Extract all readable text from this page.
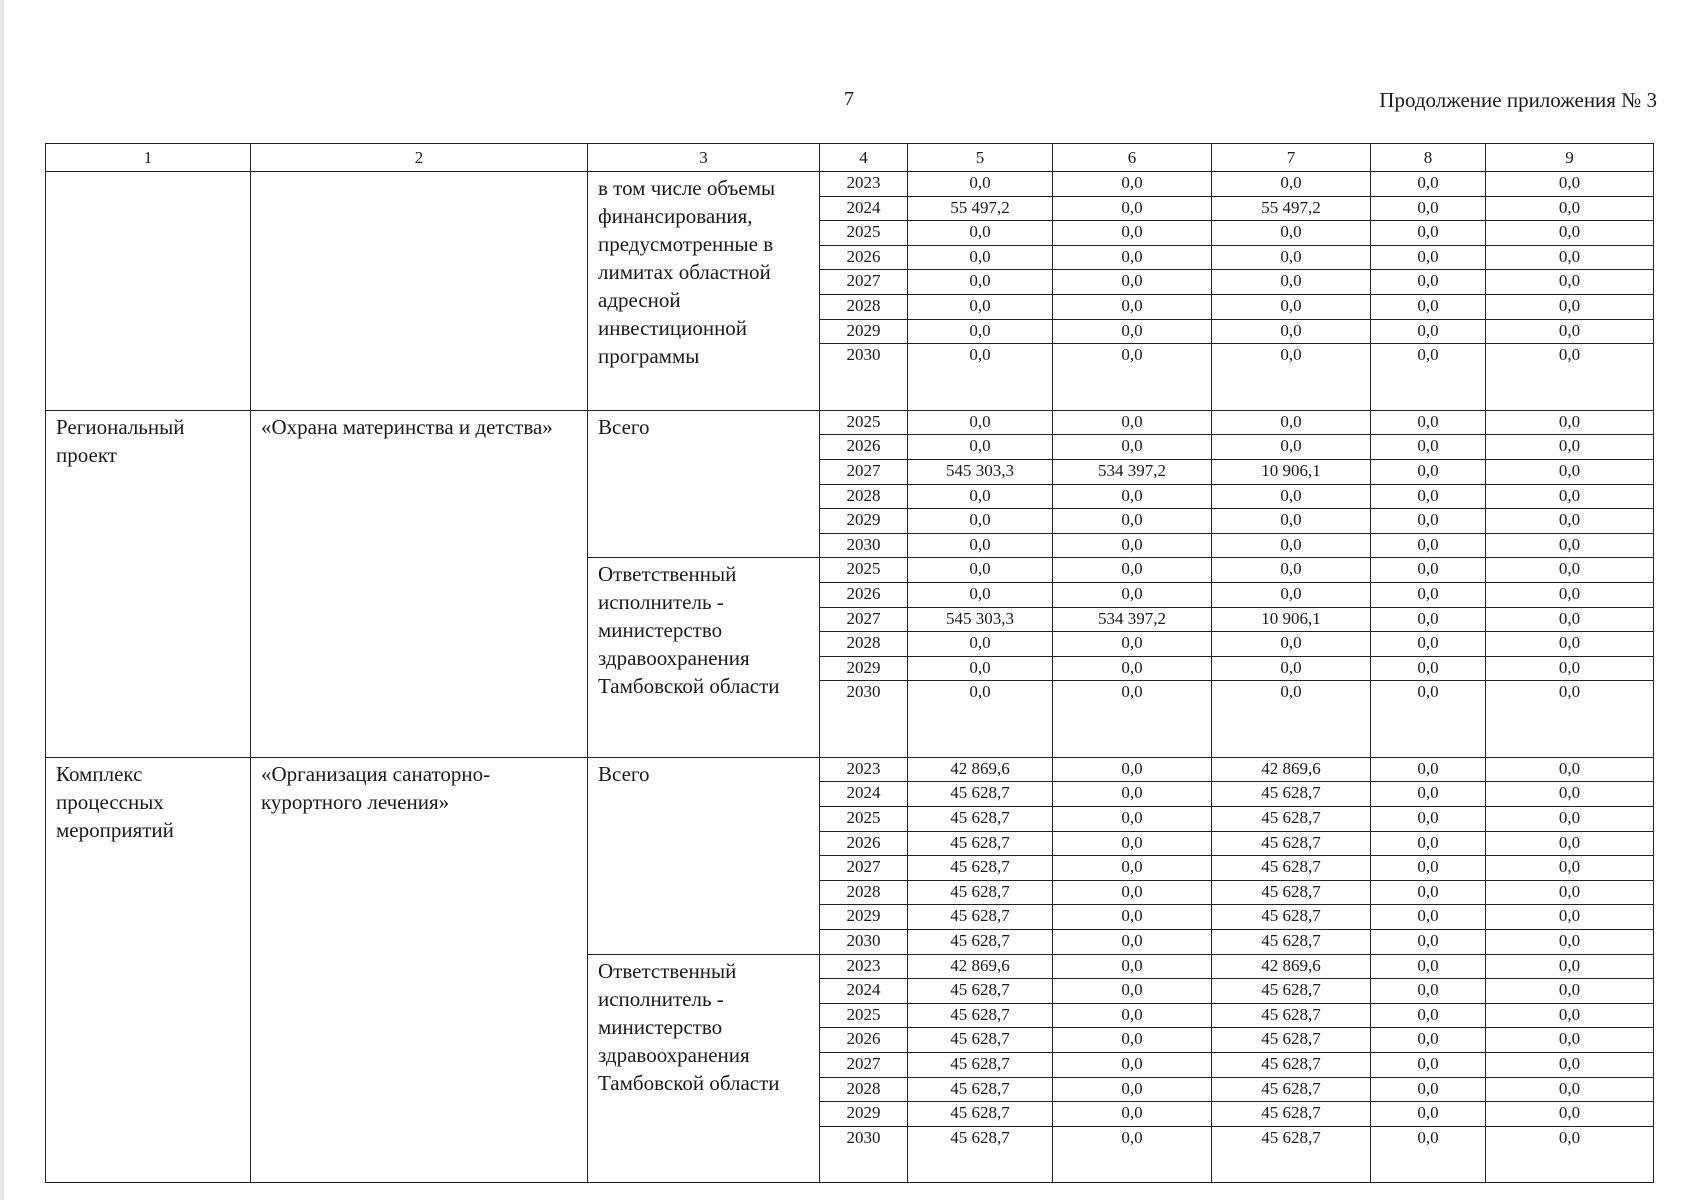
7	Продолжение приложения № 3
1	2	3	4	5	6	7	8	9
		в том числе объемы финансирования, предусмотренные в лимитах областной адресной инвестиционной программы	2023	0,0	0,0	0,0	0,0	0,0
			2024	55 497,2	0,0	55 497,2	0,0	0,0
			2025	0,0	0,0	0,0	0,0	0,0
			2026	0,0	0,0	0,0	0,0	0,0
			2027	0,0	0,0	0,0	0,0	0,0
			2028	0,0	0,0	0,0	0,0	0,0
			2029	0,0	0,0	0,0	0,0	0,0
			2030	0,0	0,0	0,0	0,0	0,0
Региональный проект	«Охрана материнства и детства»	Всего	2025	0,0	0,0	0,0	0,0	0,0
			2026	0,0	0,0	0,0	0,0	0,0
			2027	545 303,3	534 397,2	10 906,1	0,0	0,0
			2028	0,0	0,0	0,0	0,0	0,0
			2029	0,0	0,0	0,0	0,0	0,0
			2030	0,0	0,0	0,0	0,0	0,0
		Ответственный исполнитель - министерство здравоохранения Тамбовской области	2025	0,0	0,0	0,0	0,0	0,0
			2026	0,0	0,0	0,0	0,0	0,0
			2027	545 303,3	534 397,2	10 906,1	0,0	0,0
			2028	0,0	0,0	0,0	0,0	0,0
			2029	0,0	0,0	0,0	0,0	0,0
			2030	0,0	0,0	0,0	0,0	0,0
Комплекс процессных мероприятий	«Организация санаторно-курортного лечения»	Всего	2023	42 869,6	0,0	42 869,6	0,0	0,0
			2024	45 628,7	0,0	45 628,7	0,0	0,0
			2025	45 628,7	0,0	45 628,7	0,0	0,0
			2026	45 628,7	0,0	45 628,7	0,0	0,0
			2027	45 628,7	0,0	45 628,7	0,0	0,0
			2028	45 628,7	0,0	45 628,7	0,0	0,0
			2029	45 628,7	0,0	45 628,7	0,0	0,0
			2030	45 628,7	0,0	45 628,7	0,0	0,0
		Ответственный исполнитель - министерство здравоохранения Тамбовской области	2023	42 869,6	0,0	42 869,6	0,0	0,0
			2024	45 628,7	0,0	45 628,7	0,0	0,0
			2025	45 628,7	0,0	45 628,7	0,0	0,0
			2026	45 628,7	0,0	45 628,7	0,0	0,0
			2027	45 628,7	0,0	45 628,7	0,0	0,0
			2028	45 628,7	0,0	45 628,7	0,0	0,0
			2029	45 628,7	0,0	45 628,7	0,0	0,0
			2030	45 628,7	0,0	45 628,7	0,0	0,0
